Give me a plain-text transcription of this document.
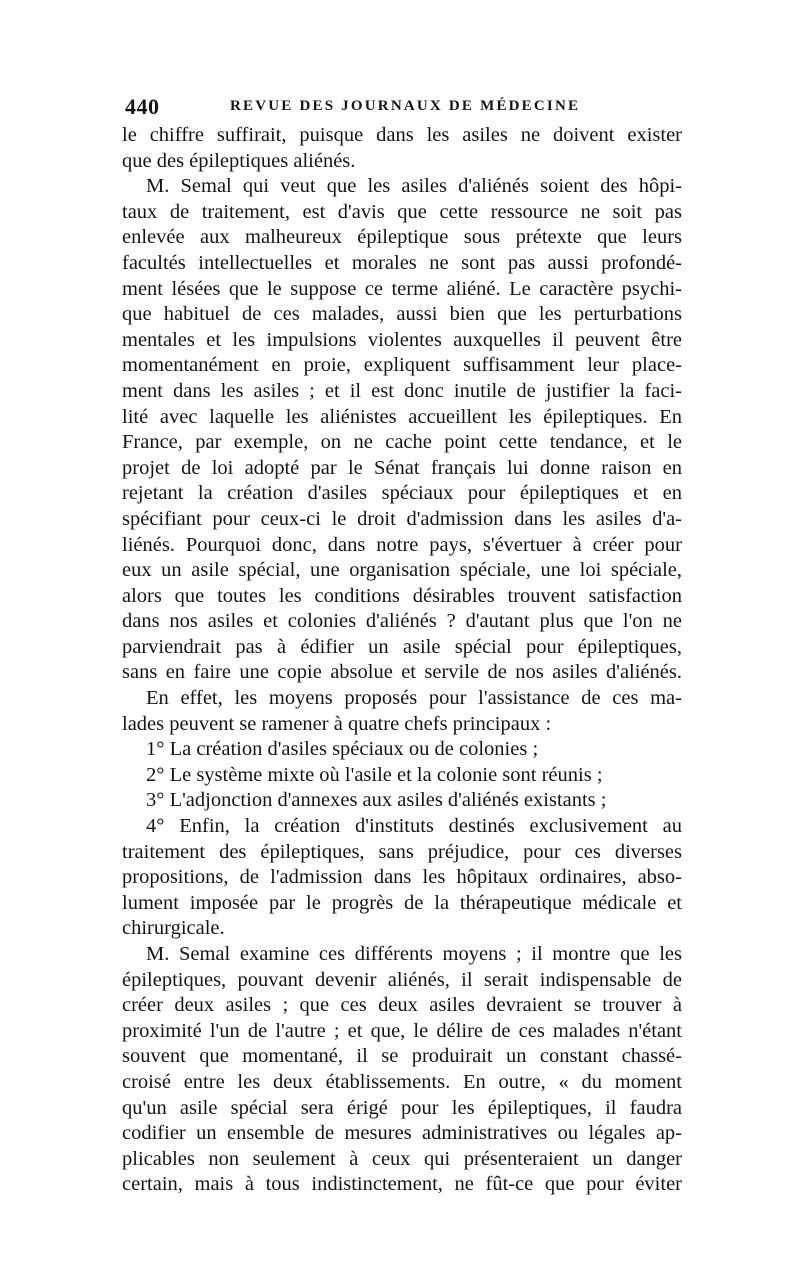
440	REVUE DES JOURNAUX DE MÉDECINE
le chiffre suffirait, puisque dans les asiles ne doivent exister
que des épileptiques aliénés.
M. Semal qui veut que les asiles d'aliénés soient des hôpi-
taux de traitement, est d'avis que cette ressource ne soit pas
enlevée aux malheureux épileptique sous prétexte que leurs
facultés intellectuelles et morales ne sont pas aussi profondé-
ment lésées que le suppose ce terme aliéné. Le caractère psychi-
que habituel de ces malades, aussi bien que les perturbations
mentales et les impulsions violentes auxquelles il peuvent être
momentanément en proie, expliquent suffisamment leur place-
ment dans les asiles ; et il est donc inutile de justifier la faci-
lité avec laquelle les aliénistes accueillent les épileptiques. En
France, par exemple, on ne cache point cette tendance, et le
projet de loi adopté par le Sénat français lui donne raison en
rejetant la création d'asiles spéciaux pour épileptiques et en
spécifiant pour ceux-ci le droit d'admission dans les asiles d'a-
liénés. Pourquoi donc, dans notre pays, s'évertuer à créer pour
eux un asile spécial, une organisation spéciale, une loi spéciale,
alors que toutes les conditions désirables trouvent satisfaction
dans nos asiles et colonies d'aliénés ? d'autant plus que l'on ne
parviendrait pas à édifier un asile spécial pour épileptiques,
sans en faire une copie absolue et servile de nos asiles d'aliénés.
En effet, les moyens proposés pour l'assistance de ces ma-
lades peuvent se ramener à quatre chefs principaux :
1° La création d'asiles spéciaux ou de colonies ;
2° Le système mixte où l'asile et la colonie sont réunis ;
3° L'adjonction d'annexes aux asiles d'aliénés existants ;
4° Enfin, la création d'instituts destinés exclusivement au
traitement des épileptiques, sans préjudice, pour ces diverses
propositions, de l'admission dans les hôpitaux ordinaires, abso-
lument imposée par le progrès de la thérapeutique médicale et
chirurgicale.
M. Semal examine ces différents moyens ; il montre que les
épileptiques, pouvant devenir aliénés, il serait indispensable de
créer deux asiles ; que ces deux asiles devraient se trouver à
proximité l'un de l'autre ; et que, le délire de ces malades n'étant
souvent que momentané, il se produirait un constant chassé-
croisé entre les deux établissements. En outre, « du moment
qu'un asile spécial sera érigé pour les épileptiques, il faudra
codifier un ensemble de mesures administratives ou légales ap-
plicables non seulement à ceux qui présenteraient un danger
certain, mais à tous indistinctement, ne fût-ce que pour éviter
